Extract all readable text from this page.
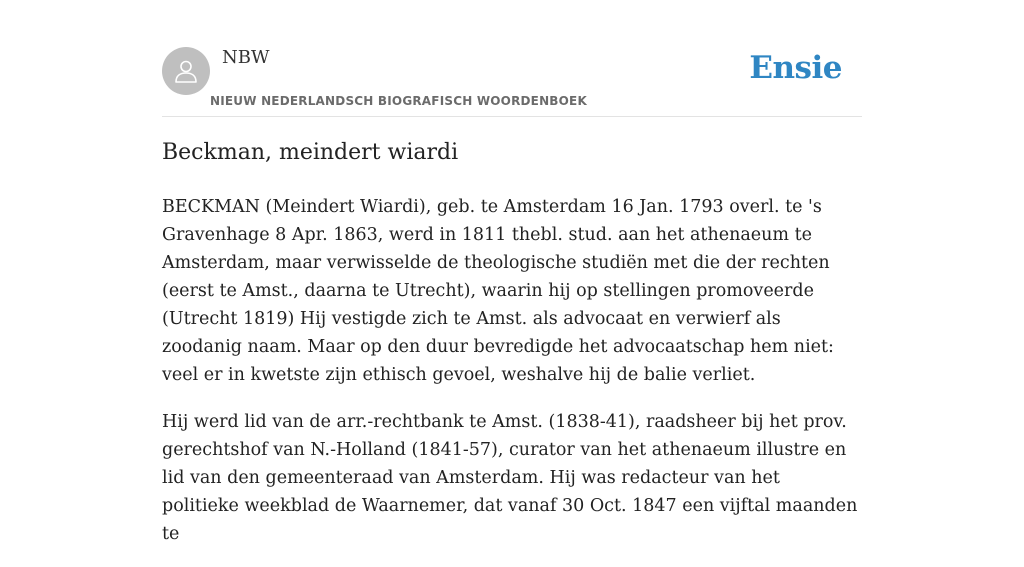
NBW
NIEUW NEDERLANDSCH BIOGRAFISCH WOORDENBOEK
Ensie
Beckman, meindert wiardi

BECKMAN (Meindert Wiardi), geb. te Amsterdam 16 Jan. 1793 overl. te 's Gravenhage 8 Apr. 1863, werd in 1811 thebl. stud. aan het athenaeum te Amsterdam, maar verwisselde de theologische studiën met die der rechten (eerst te Amst., daarna te Utrecht), waarin hij op stellingen promoveerde (Utrecht 1819) Hij vestigde zich te Amst. als advocaat en verwierf als zoodanig naam. Maar op den duur bevredigde het advocaatschap hem niet: veel er in kwetste zijn ethisch gevoel, weshalve hij de balie verliet.

Hij werd lid van de arr.-rechtbank te Amst. (1838-41), raadsheer bij het prov. gerechtshof van N.-Holland (1841-57), curator van het athenaeum illustre en lid van den gemeenteraad van Amsterdam. Hij was redacteur van het politieke weekblad de Waarnemer, dat vanaf 30 Oct. 1847 een vijftal maanden te
